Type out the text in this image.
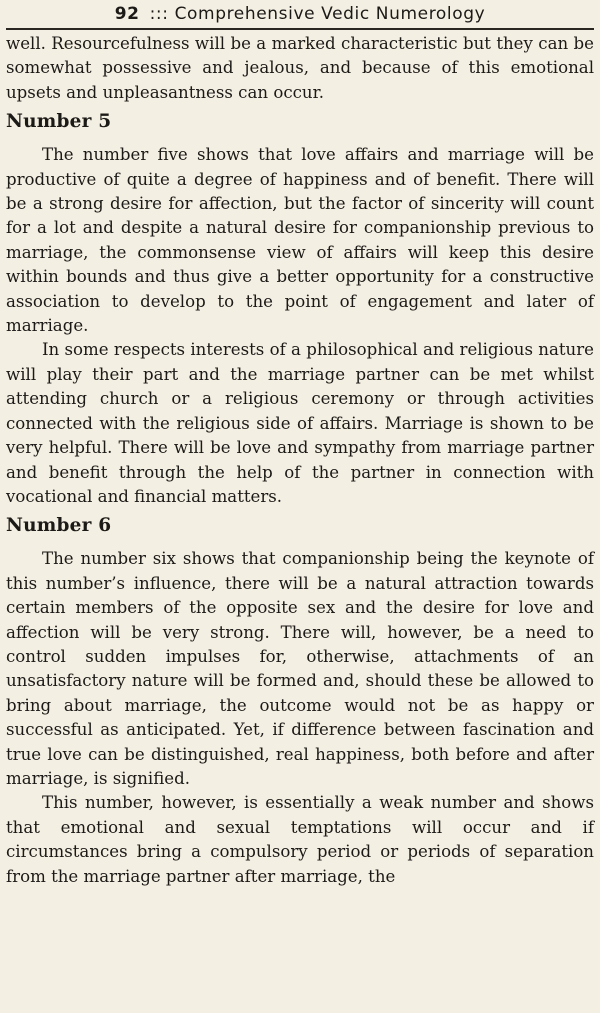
92 ::: Comprehensive Vedic Numerology

well. Resourcefulness will be a marked characteristic but they can be somewhat possessive and jealous, and because of this emotional upsets and unpleasantness can occur.

Number 5

The number five shows that love affairs and marriage will be productive of quite a degree of happiness and of benefit. There will be a strong desire for affection, but the factor of sincerity will count for a lot and despite a natural desire for companionship previous to marriage, the commonsense view of affairs will keep this desire within bounds and thus give a better opportunity for a constructive association to develop to the point of engagement and later of marriage.

In some respects interests of a philosophical and religious nature will play their part and the marriage partner can be met whilst attending church or a religious ceremony or through activities connected with the religious side of affairs. Marriage is shown to be very helpful. There will be love and sympathy from marriage partner and benefit through the help of the partner in connection with vocational and financial matters.

Number 6

The number six shows that companionship being the keynote of this number’s influence, there will be a natural attraction towards certain members of the opposite sex and the desire for love and affection will be very strong. There will, however, be a need to control sudden impulses for, otherwise, attachments of an unsatisfactory nature will be formed and, should these be allowed to bring about marriage, the outcome would not be as happy or successful as anticipated. Yet, if difference between fascination and true love can be distinguished, real happiness, both before and after marriage, is signified.

This number, however, is essentially a weak number and shows that emotional and sexual temptations will occur and if circumstances bring a compulsory period or periods of separation from the marriage partner after marriage, the
